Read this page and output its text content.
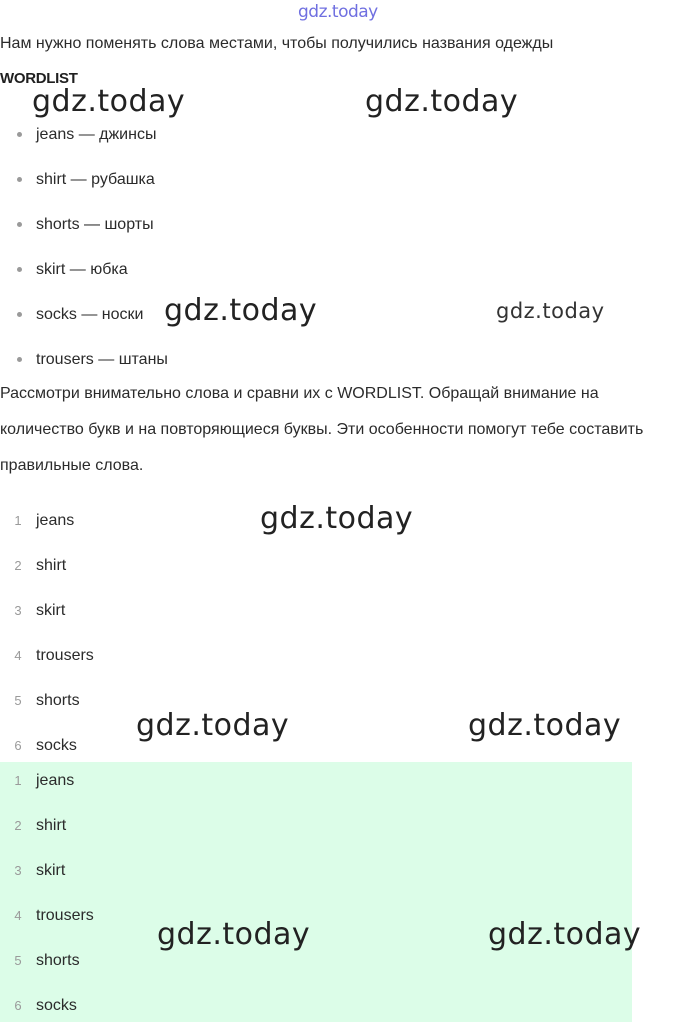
gdz.today
Нам нужно поменять слова местами, чтобы получились названия одежды
WORDLIST
jeans — джинсы
shirt — рубашка
shorts — шорты
skirt — юбка
socks — носки
trousers — штаны
Рассмотри внимательно слова и сравни их с WORDLIST. Обращай внимание на количество букв и на повторяющиеся буквы. Эти особенности помогут тебе составить правильные слова.
1 jeans
2 shirt
3 skirt
4 trousers
5 shorts
6 socks
1 jeans
2 shirt
3 skirt
4 trousers
5 shorts
6 socks
gdz.today	gdz.today
gdz.today	gdz.today
gdz.today
gdz.today	gdz.today
gdz.today	gdz.today
